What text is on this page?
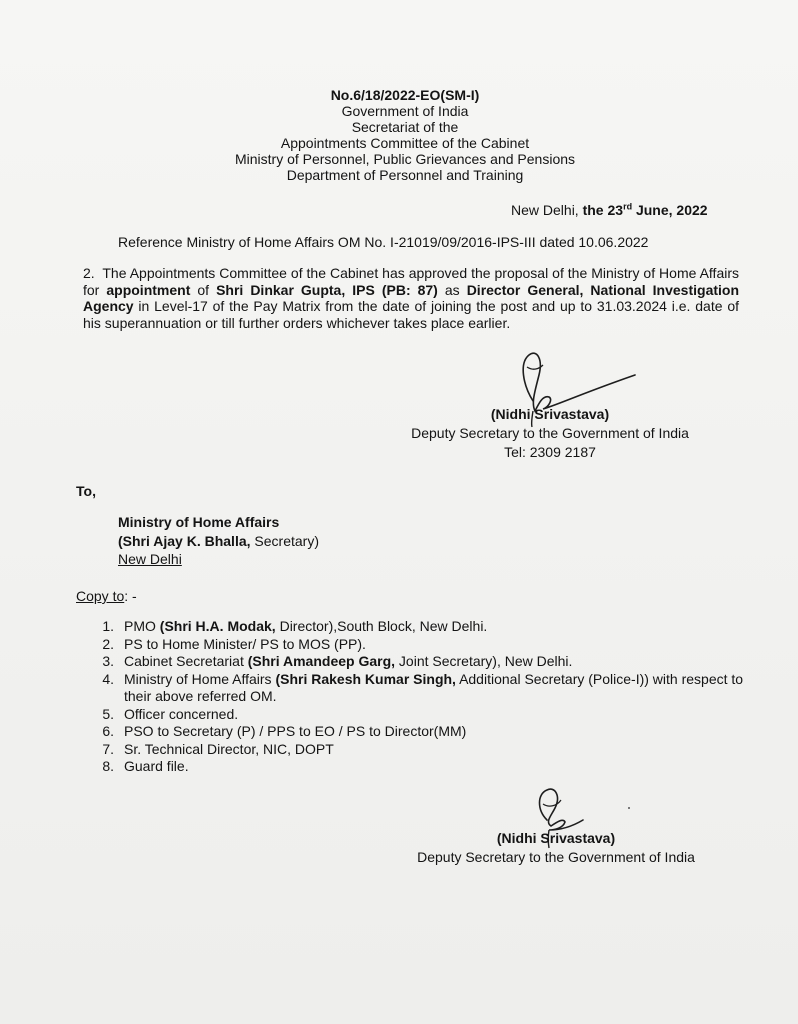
No.6/18/2022-EO(SM-I)
Government of India
Secretariat of the
Appointments Committee of the Cabinet
Ministry of Personnel, Public Grievances and Pensions
Department of Personnel and Training
New Delhi, the 23rd June, 2022
Reference Ministry of Home Affairs OM No. I-21019/09/2016-IPS-III dated 10.06.2022
2. The Appointments Committee of the Cabinet has approved the proposal of the Ministry of Home Affairs for appointment of Shri Dinkar Gupta, IPS (PB: 87) as Director General, National Investigation Agency in Level-17 of the Pay Matrix from the date of joining the post and up to 31.03.2024 i.e. date of his superannuation or till further orders whichever takes place earlier.
(Nidhi Srivastava)
Deputy Secretary to the Government of India
Tel: 2309 2187
To,
Ministry of Home Affairs
(Shri Ajay K. Bhalla, Secretary)
New Delhi
Copy to: -
1. PMO (Shri H.A. Modak, Director),South Block, New Delhi.
2. PS to Home Minister/ PS to MOS (PP).
3. Cabinet Secretariat (Shri Amandeep Garg, Joint Secretary), New Delhi.
4. Ministry of Home Affairs (Shri Rakesh Kumar Singh, Additional Secretary (Police-I)) with respect to their above referred OM.
5. Officer concerned.
6. PSO to Secretary (P) / PPS to EO / PS to Director(MM)
7. Sr. Technical Director, NIC, DOPT
8. Guard file.
(Nidhi Srivastava)
Deputy Secretary to the Government of India
